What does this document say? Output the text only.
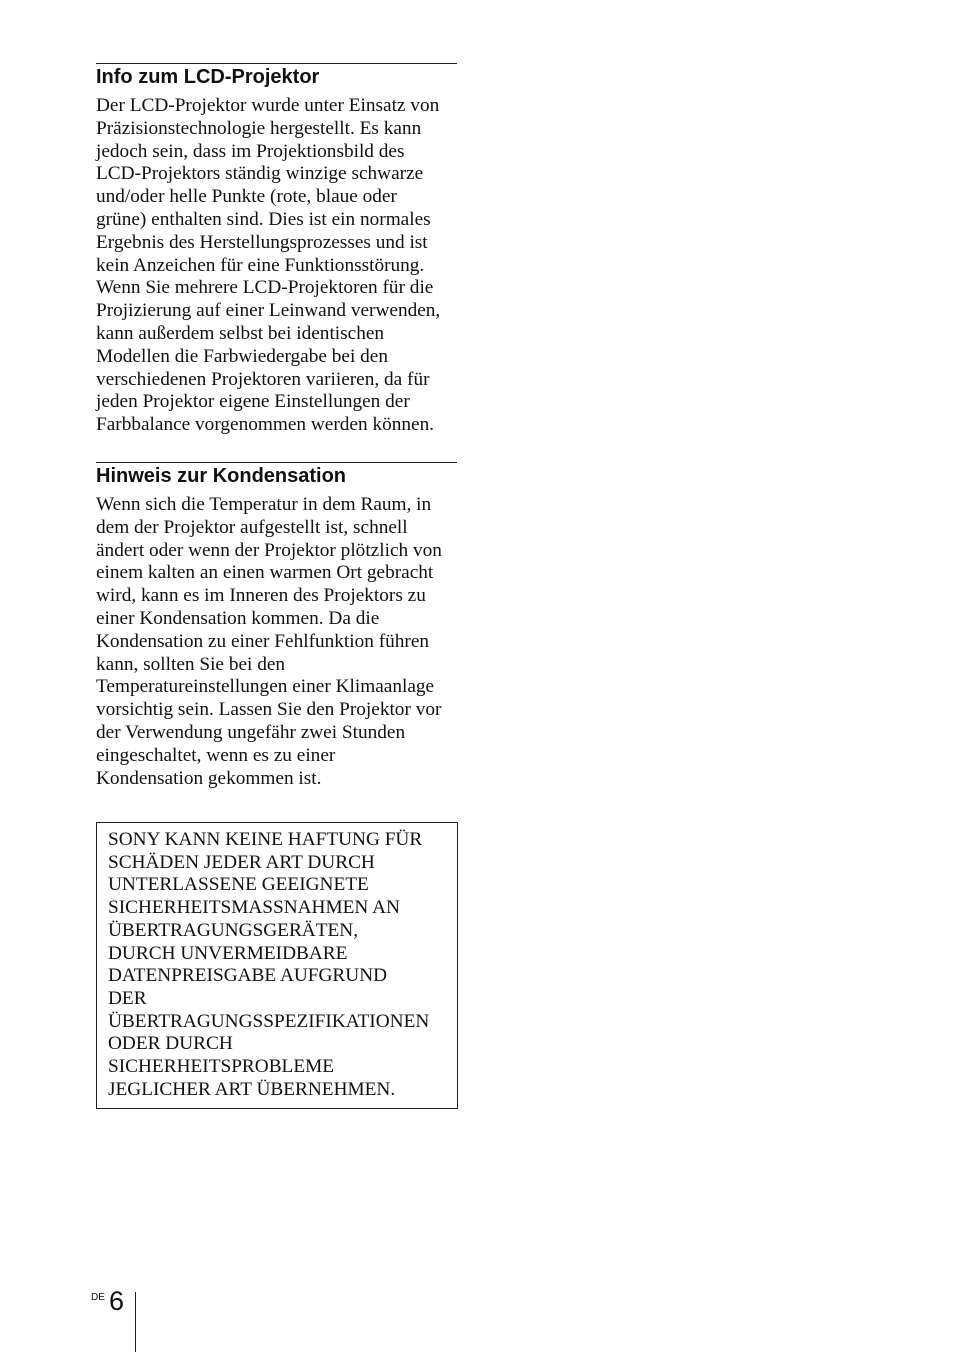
Info zum LCD-Projektor
Der LCD-Projektor wurde unter Einsatz von
Präzisionstechnologie hergestellt. Es kann
jedoch sein, dass im Projektionsbild des
LCD-Projektors ständig winzige schwarze
und/oder helle Punkte (rote, blaue oder
grüne) enthalten sind. Dies ist ein normales
Ergebnis des Herstellungsprozesses und ist
kein Anzeichen für eine Funktionsstörung.
Wenn Sie mehrere LCD-Projektoren für die
Projizierung auf einer Leinwand verwenden,
kann außerdem selbst bei identischen
Modellen die Farbwiedergabe bei den
verschiedenen Projektoren variieren, da für
jeden Projektor eigene Einstellungen der
Farbbalance vorgenommen werden können.
Hinweis zur Kondensation
Wenn sich die Temperatur in dem Raum, in
dem der Projektor aufgestellt ist, schnell
ändert oder wenn der Projektor plötzlich von
einem kalten an einen warmen Ort gebracht
wird, kann es im Inneren des Projektors zu
einer Kondensation kommen. Da die
Kondensation zu einer Fehlfunktion führen
kann, sollten Sie bei den
Temperatureinstellungen einer Klimaanlage
vorsichtig sein. Lassen Sie den Projektor vor
der Verwendung ungefähr zwei Stunden
eingeschaltet, wenn es zu einer
Kondensation gekommen ist.
SONY KANN KEINE HAFTUNG FÜR
SCHÄDEN JEDER ART DURCH
UNTERLASSENE GEEIGNETE
SICHERHEITSMASSNAHMEN AN
ÜBERTRAGUNGSGERÄTEN,
DURCH UNVERMEIDBARE
DATENPREISGABE AUFGRUND
DER
ÜBERTRAGUNGSSPEZIFIKATIONEN
ODER DURCH
SICHERHEITSPROBLEME
JEGLICHER ART ÜBERNEHMEN.
DE 6
